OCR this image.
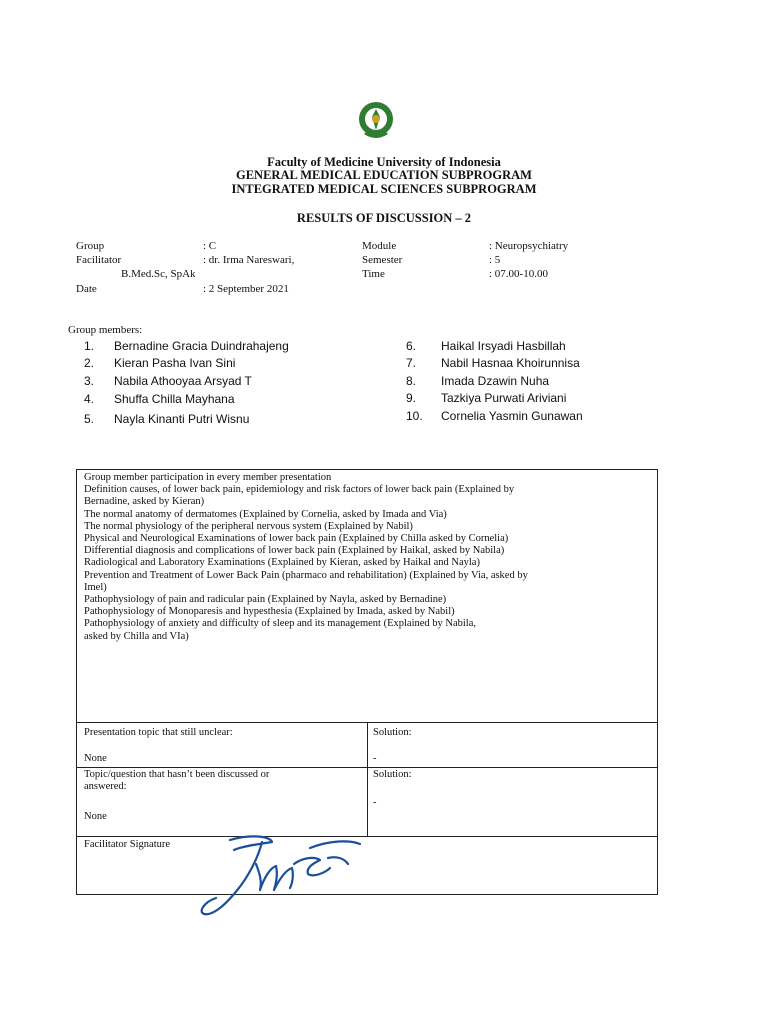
Faculty of Medicine University of Indonesia
GENERAL MEDICAL EDUCATION SUBPROGRAM
INTEGRATED MEDICAL SCIENCES SUBPROGRAM
RESULTS OF DISCUSSION – 2
Group	: C
Facilitator	: dr. Irma Nareswari,
B.Med.Sc, SpAk
Date	: 2 September 2021
Module	: Neuropsychiatry
Semester	: 5
Time	: 07.00-10.00
Group members:
1. Bernadine Gracia Duindrahajeng
2. Kieran Pasha Ivan Sini
3. Nabila Athooyaa Arsyad T
4. Shuffa Chilla Mayhana
5. Nayla Kinanti Putri Wisnu
6. Haikal Irsyadi Hasbillah
7. Nabil Hasnaa Khoirunnisa
8. Imada Dzawin Nuha
9. Tazkiya Purwati Ariviani
10. Cornelia Yasmin Gunawan
Group member participation in every member presentation
Definition causes, of lower back pain, epidemiology and risk factors of lower back pain (Explained by
Bernadine, asked by Kieran)
The normal anatomy of dermatomes (Explained by Cornelia, asked by Imada and Via)
The normal physiology of the peripheral nervous system (Explained by Nabil)
Physical and Neurological Examinations of lower back pain (Explained by Chilla asked by Cornelia)
Differential diagnosis and complications of lower back pain (Explained by Haikal, asked by Nabila)
Radiological and Laboratory Examinations (Explained by Kieran, asked by Haikal and Nayla)
Prevention and Treatment of Lower Back Pain (pharmaco and rehabilitation) (Explained by Via, asked by
Imel)
Pathophysiology of pain and radicular pain (Explained by Nayla, asked by Bernadine)
Pathophysiology of Monoparesis and hypesthesia (Explained by Imada, asked by Nabil)
Pathophysiology of anxiety and difficulty of sleep and its management (Explained by Nabila,
asked by Chilla and VIa)
Presentation topic that still unclear:
None
Solution:
-
Topic/question that hasn’t been discussed or
answered:
None
Solution:
-
Facilitator Signature
